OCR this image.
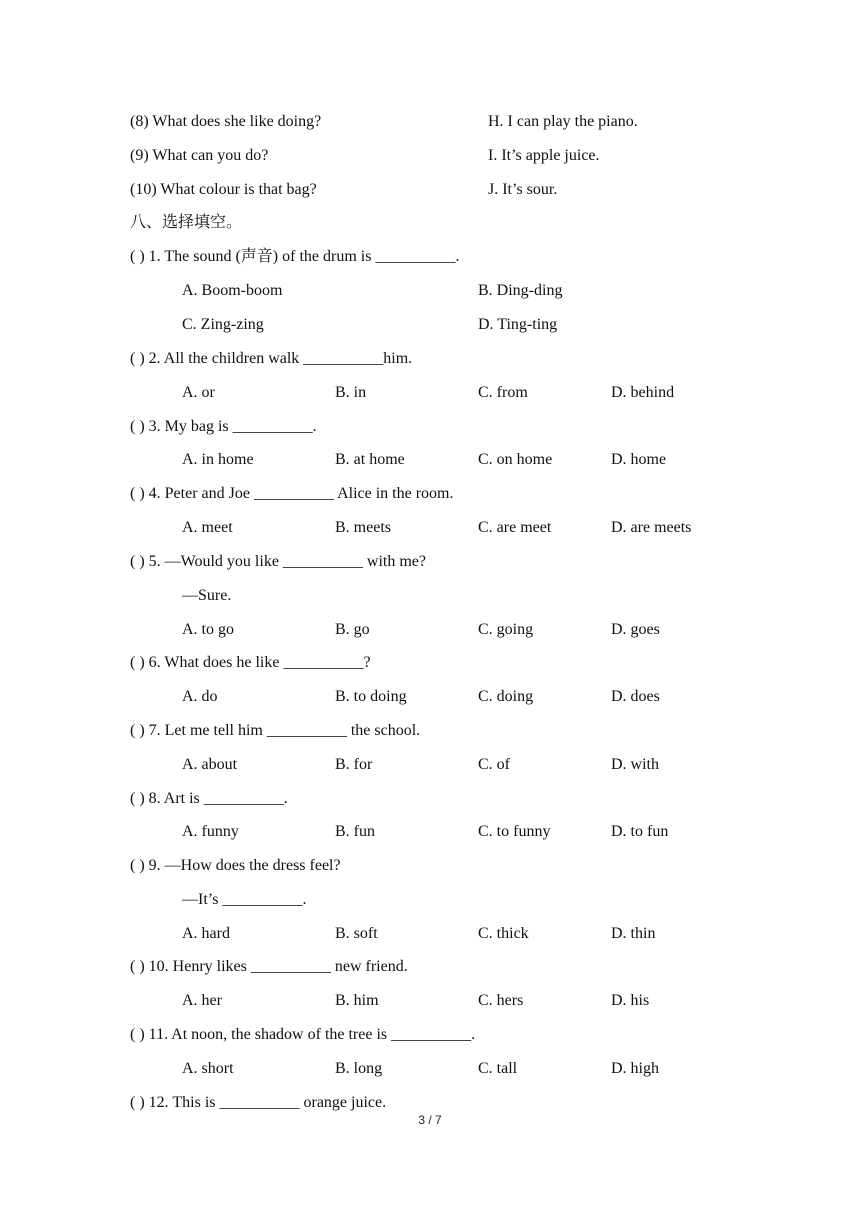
(8) What does she like doing?	H. I can play the piano.
(9) What can you do?	I. It’s apple juice.
(10) What colour is that bag?	J. It’s sour.
八、选择填空。
( ) 1. The sound (声音) of the drum is __________.
A. Boom-boom	B. Ding-ding
C. Zing-zing	D. Ting-ting
( ) 2. All the children walk __________him.
A. or	B. in	C. from	D. behind
( ) 3. My bag is __________.
A. in home	B. at home	C. on home	D. home
( ) 4. Peter and Joe __________ Alice in the room.
A. meet	B. meets	C. are meet	D. are meets
( ) 5. —Would you like __________ with me?
—Sure.
A. to go	B. go	C. going	D. goes
( ) 6. What does he like __________?
A. do	B. to doing	C. doing	D. does
( ) 7. Let me tell him __________ the school.
A. about	B. for	C. of	D. with
( ) 8. Art is __________.
A. funny	B. fun	C. to funny	D. to fun
( ) 9. —How does the dress feel?
—It’s __________.
A. hard	B. soft	C. thick	D. thin
( ) 10. Henry likes __________ new friend.
A. her	B. him	C. hers	D. his
( ) 11. At noon, the shadow of the tree is __________.
A. short	B. long	C. tall	D. high
( ) 12. This is __________ orange juice.
3 / 7
